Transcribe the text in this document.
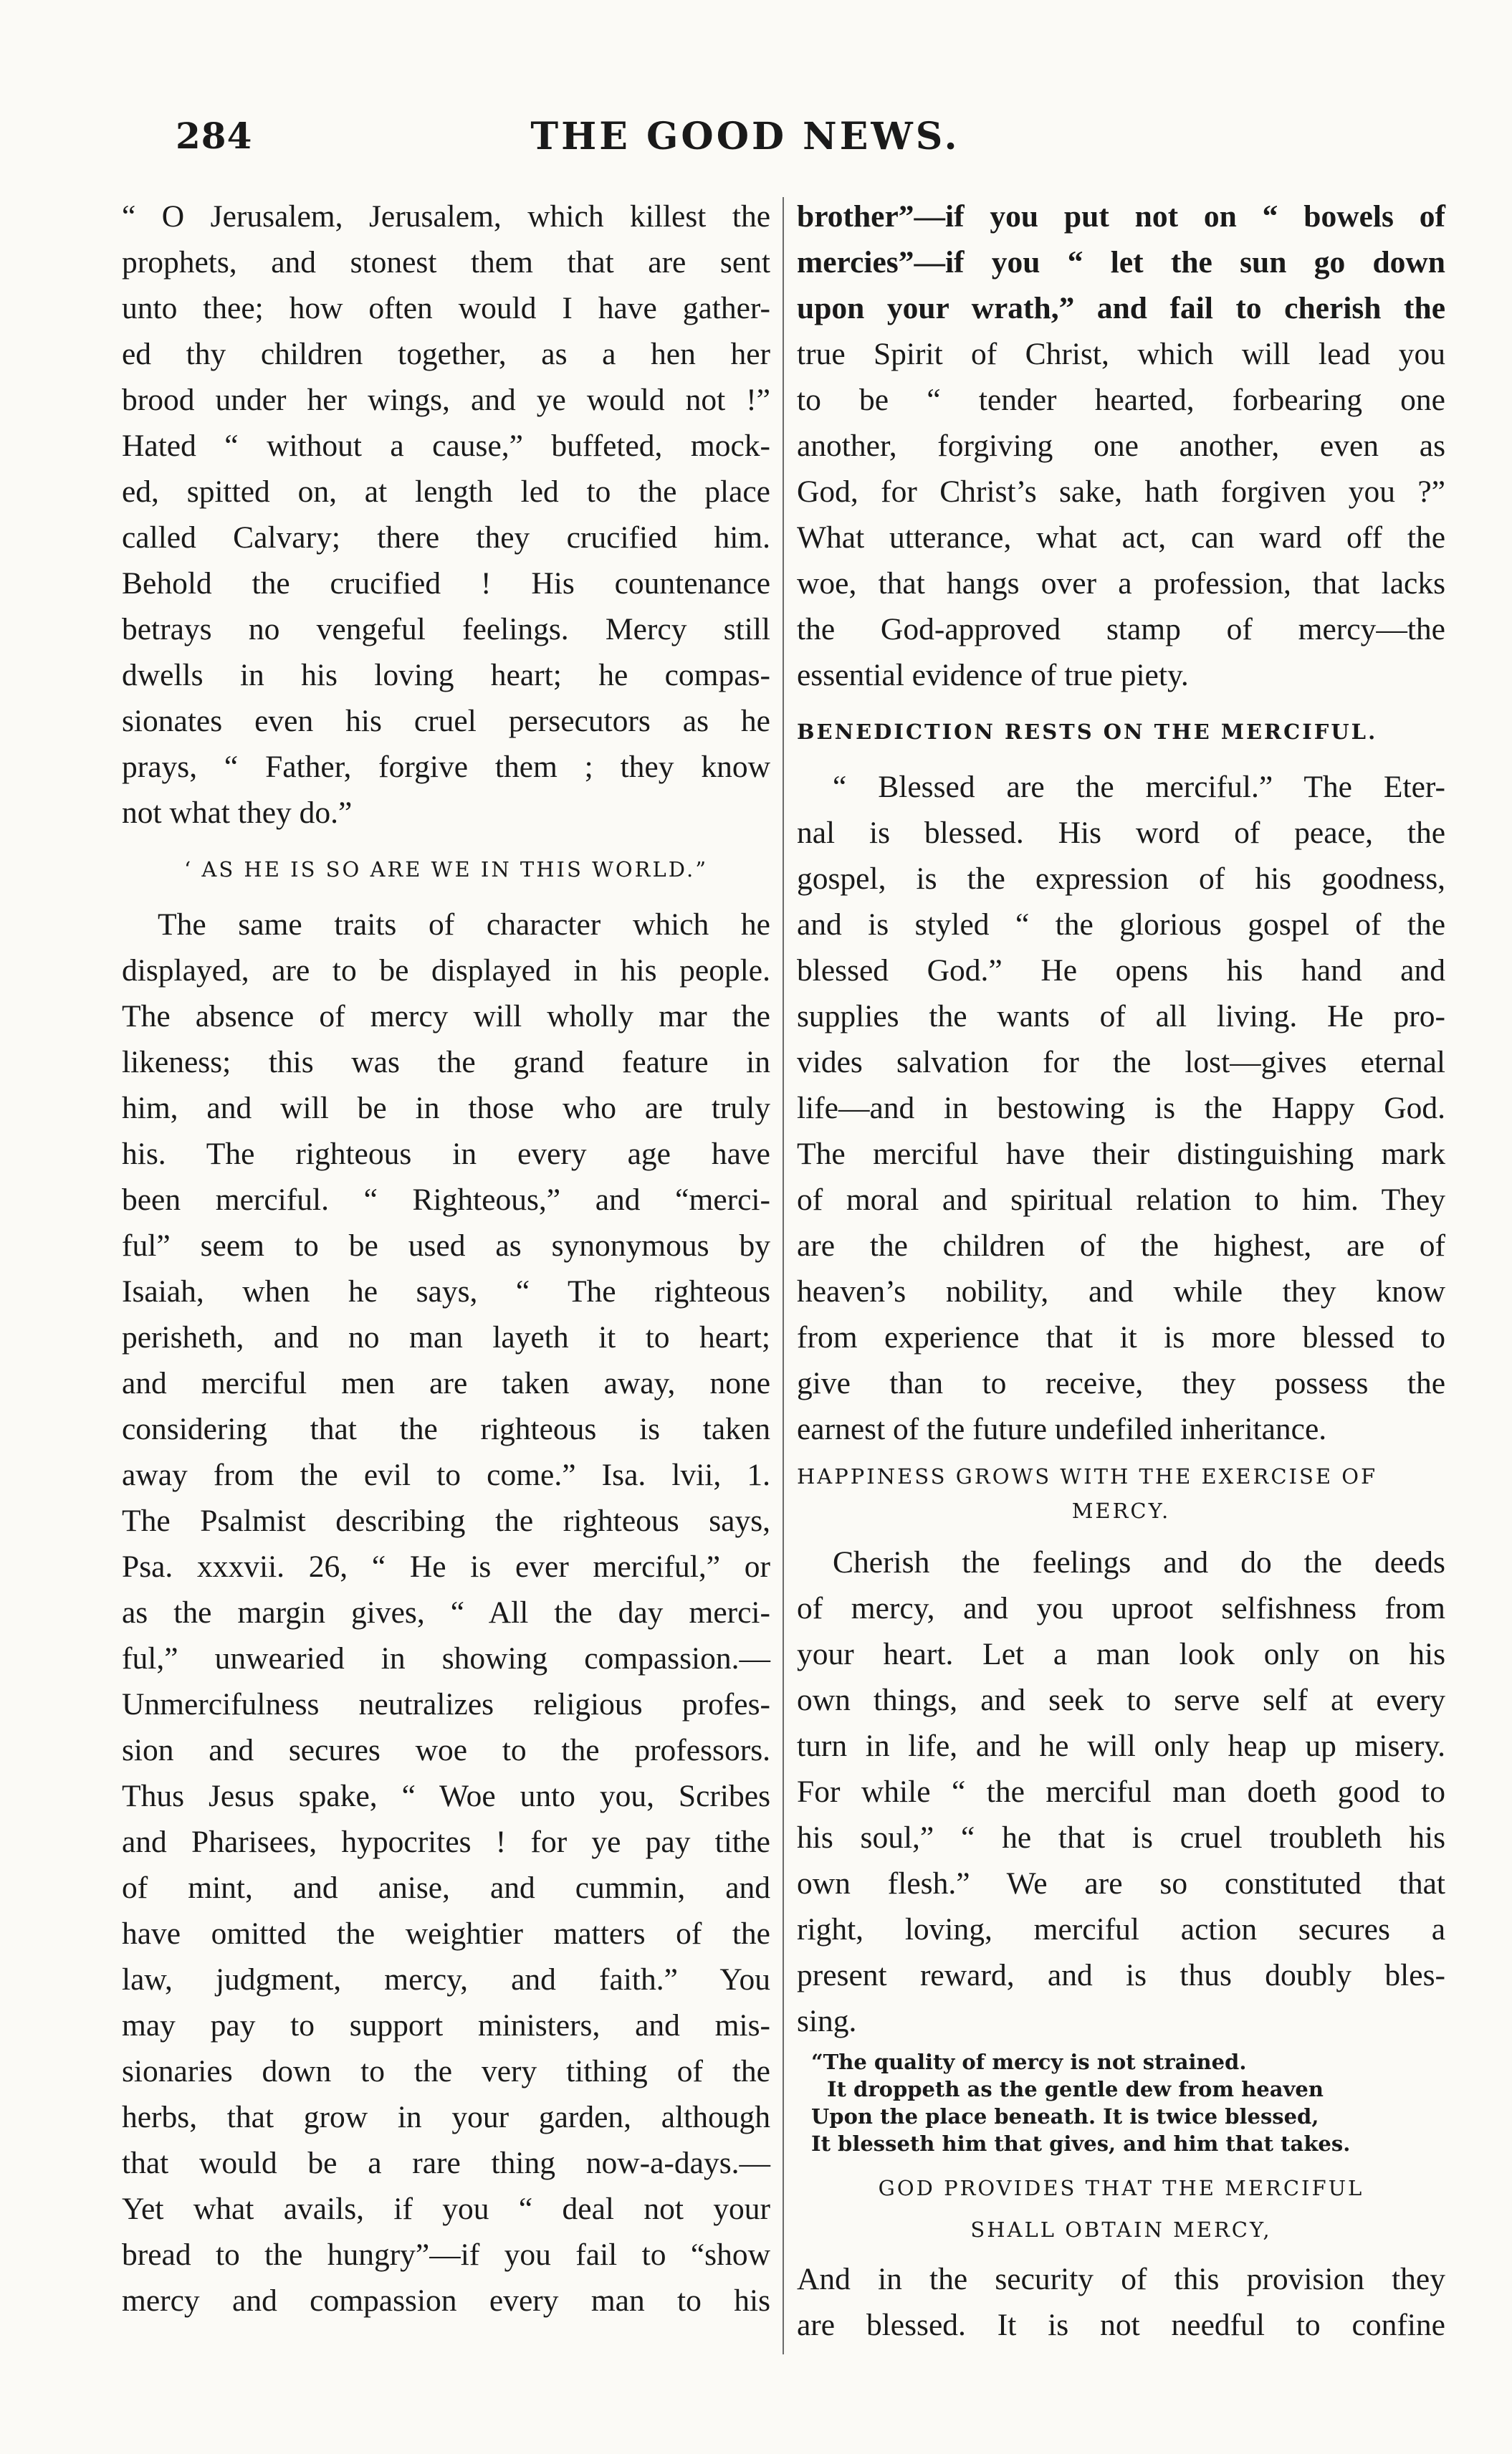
284	THE GOOD NEWS.
“ O Jerusalem, Jerusalem, which killest the
prophets, and stonest them that are sent
unto thee; how often would I have gather-
ed thy children together, as a hen her
brood under her wings, and ye would not !”
Hated “ without a cause,” buffeted, mock-
ed, spitted on, at length led to the place
called Calvary; there they crucified him.
Behold the crucified ! His countenance
betrays no vengeful feelings. Mercy still
dwells in his loving heart; he compas-
sionates even his cruel persecutors as he
prays, “ Father, forgive them ; they know
not what they do.”
‘ AS HE IS SO ARE WE IN THIS WORLD.”
The same traits of character which he
displayed, are to be displayed in his people.
The absence of mercy will wholly mar the
likeness; this was the grand feature in
him, and will be in those who are truly
his. The righteous in every age have
been merciful. “ Righteous,” and “merci-
ful” seem to be used as synonymous by
Isaiah, when he says, “ The righteous
perisheth, and no man layeth it to heart;
and merciful men are taken away, none
considering that the righteous is taken
away from the evil to come.” Isa. lvii, 1.
The Psalmist describing the righteous says,
Psa. xxxvii. 26, “ He is ever merciful,” or
as the margin gives, “ All the day merci-
ful,” unwearied in showing compassion.—
Unmercifulness neutralizes religious profes-
sion and secures woe to the professors.
Thus Jesus spake, “ Woe unto you, Scribes
and Pharisees, hypocrites ! for ye pay tithe
of mint, and anise, and cummin, and
have omitted the weightier matters of the
law, judgment, mercy, and faith.” You
may pay to support ministers, and mis-
sionaries down to the very tithing of the
herbs, that grow in your garden, although
that would be a rare thing now-a-days.—
Yet what avails, if you “ deal not your
bread to the hungry”—if you fail to “show
mercy and compassion every man to his
brother”—if you put not on “ bowels of
mercies”—if you “ let the sun go down
upon your wrath,” and fail to cherish the
true Spirit of Christ, which will lead you
to be “ tender hearted, forbearing one
another, forgiving one another, even as
God, for Christ’s sake, hath forgiven you ?”
What utterance, what act, can ward off the
woe, that hangs over a profession, that lacks
the God-approved stamp of mercy—the
essential evidence of true piety.
BENEDICTION RESTS ON THE MERCIFUL.
“ Blessed are the merciful.” The Eter-
nal is blessed. His word of peace, the
gospel, is the expression of his goodness,
and is styled “ the glorious gospel of the
blessed God.” He opens his hand and
supplies the wants of all living. He pro-
vides salvation for the lost—gives eternal
life—and in bestowing is the Happy God.
The merciful have their distinguishing mark
of moral and spiritual relation to him. They
are the children of the highest, are of
heaven’s nobility, and while they know
from experience that it is more blessed to
give than to receive, they possess the
earnest of the future undefiled inheritance.
HAPPINESS GROWS WITH THE EXERCISE OF
MERCY.
Cherish the feelings and do the deeds
of mercy, and you uproot selfishness from
your heart. Let a man look only on his
own things, and seek to serve self at every
turn in life, and he will only heap up misery.
For while “ the merciful man doeth good to
his soul,” “ he that is cruel troubleth his
own flesh.” We are so constituted that
right, loving, merciful action secures a
present reward, and is thus doubly bles-
sing.
“The quality of mercy is not strained.
It droppeth as the gentle dew from heaven
Upon the place beneath. It is twice blessed,
It blesseth him that gives, and him that takes.
GOD PROVIDES THAT THE MERCIFUL
SHALL OBTAIN MERCY,
And in the security of this provision they
are blessed. It is not needful to confine
